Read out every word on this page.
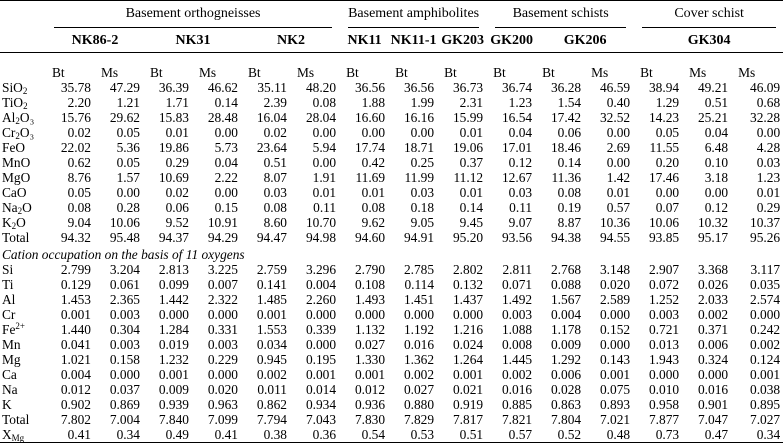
	Basement orthogneisses						Basement amphibolites			Basement schists			Cover schist		

	NK86-2		NK31		NK2		NK11	NK11-1	GK203	GK200	GK206		GK304		
	Bt	Ms	Bt	Ms	Bt	Ms	Bt	Bt	Bt	Bt	Bt	Ms	Bt	Ms	Ms
SiO$_2$	35.78	47.29	36.39	46.62	35.11	48.20	36.56	36.56	36.73	36.74	36.28	46.59	38.94	49.21	46.09
TiO$_2$	2.20	1.21	1.71	0.14	2.39	0.08	1.88	1.99	2.31	1.23	1.54	0.40	1.29	0.51	0.68
$Al_2O_3$	15.76	29.62	15.83	28.48	16.04	28.04	16.60	16.16	15.99	16.54	17.42	32.52	14.23	25.21	32.28
$Cr_2O_3$	0.02	0.05	0.01	0.00	0.02	0.00	0.00	0.00	0.01	0.04	0.06	0.00	0.05	0.04	0.00
FeO	22.02	5.36	19.86	5.73	23.64	5.94	17.74	18.71	19.06	17.01	18.46	2.69	11.55	6.48	4.28
MnO	0.62	0.05	0.29	0.04	0.51	0.00	0.42	0.25	0.37	0.12	0.14	0.00	0.20	0.10	0.03
MgO	8.76	1.57	10.69	2.22	8.07	1.91	11.69	11.99	11.12	12.67	11.36	1.42	17.46	3.18	1.23
CaO	0.05	0.00	0.02	0.00	0.03	0.01	0.01	0.03	0.01	0.03	0.08	0.01	0.00	0.00	0.01
$Na_2O$	0.08	0.28	0.06	0.15	0.08	0.11	0.08	0.18	0.14	0.11	0.19	0.57	0.07	0.12	0.29
$K_2O$	9.04	10.06	9.52	10.91	8.60	10.70	9.62	9.05	9.45	9.07	8.87	10.36	10.06	10.32	10.37
Total	94.32	95.48	94.37	94.29	94.47	94.98	94.60	94.91	95.20	93.56	94.38	94.55	93.85	95.17	95.26
Cation occupation on the basis of 11 oxygens															
Si	2.799	3.204	2.813	3.225	2.759	3.296	2.790	2.785	2.802	2.811	2.768	3.148	2.907	3.368	3.117
Ti	0.129	0.061	0.099	0.007	0.141	0.004	0.108	0.114	0.132	0.071	0.088	0.020	0.072	0.026	0.035
Al	1.453	2.365	1.442	2.322	1.485	2.260	1.493	1.451	1.437	1.492	1.567	2.589	1.252	2.033	2.574
Cr	0.001	0.003	0.000	0.000	0.001	0.000	0.000	0.000	0.000	0.003	0.004	0.000	0.003	0.002	0.000
$Fe^{2+}$	1.440	0.304	1.284	0.331	1.553	0.339	1.132	1.192	1.216	1.088	1.178	0.152	0.721	0.371	0.242
Mn	0.041	0.003	0.019	0.003	0.034	0.000	0.027	0.016	0.024	0.008	0.009	0.000	0.013	0.006	0.002
Mg	1.021	0.158	1.232	0.229	0.945	0.195	1.330	1.362	1.264	1.445	1.292	0.143	1.943	0.324	0.124
Ca	0.004	0.000	0.001	0.000	0.002	0.001	0.001	0.002	0.001	0.002	0.006	0.001	0.000	0.000	0.001
Na	0.012	0.037	0.009	0.020	0.011	0.014	0.012	0.027	0.021	0.016	0.028	0.075	0.010	0.016	0.038
K	0.902	0.869	0.939	0.963	0.862	0.934	0.936	0.880	0.919	0.885	0.863	0.893	0.958	0.901	0.895
Total	7.802	7.004	7.840	7.099	7.794	7.043	7.830	7.829	7.817	7.821	7.804	7.021	7.877	7.047	7.027
$X_{Mg}$	0.41	0.34	0.49	0.41	0.38	0.36	0.54	0.53	0.51	0.57	0.52	0.48	0.73	0.47	0.34
